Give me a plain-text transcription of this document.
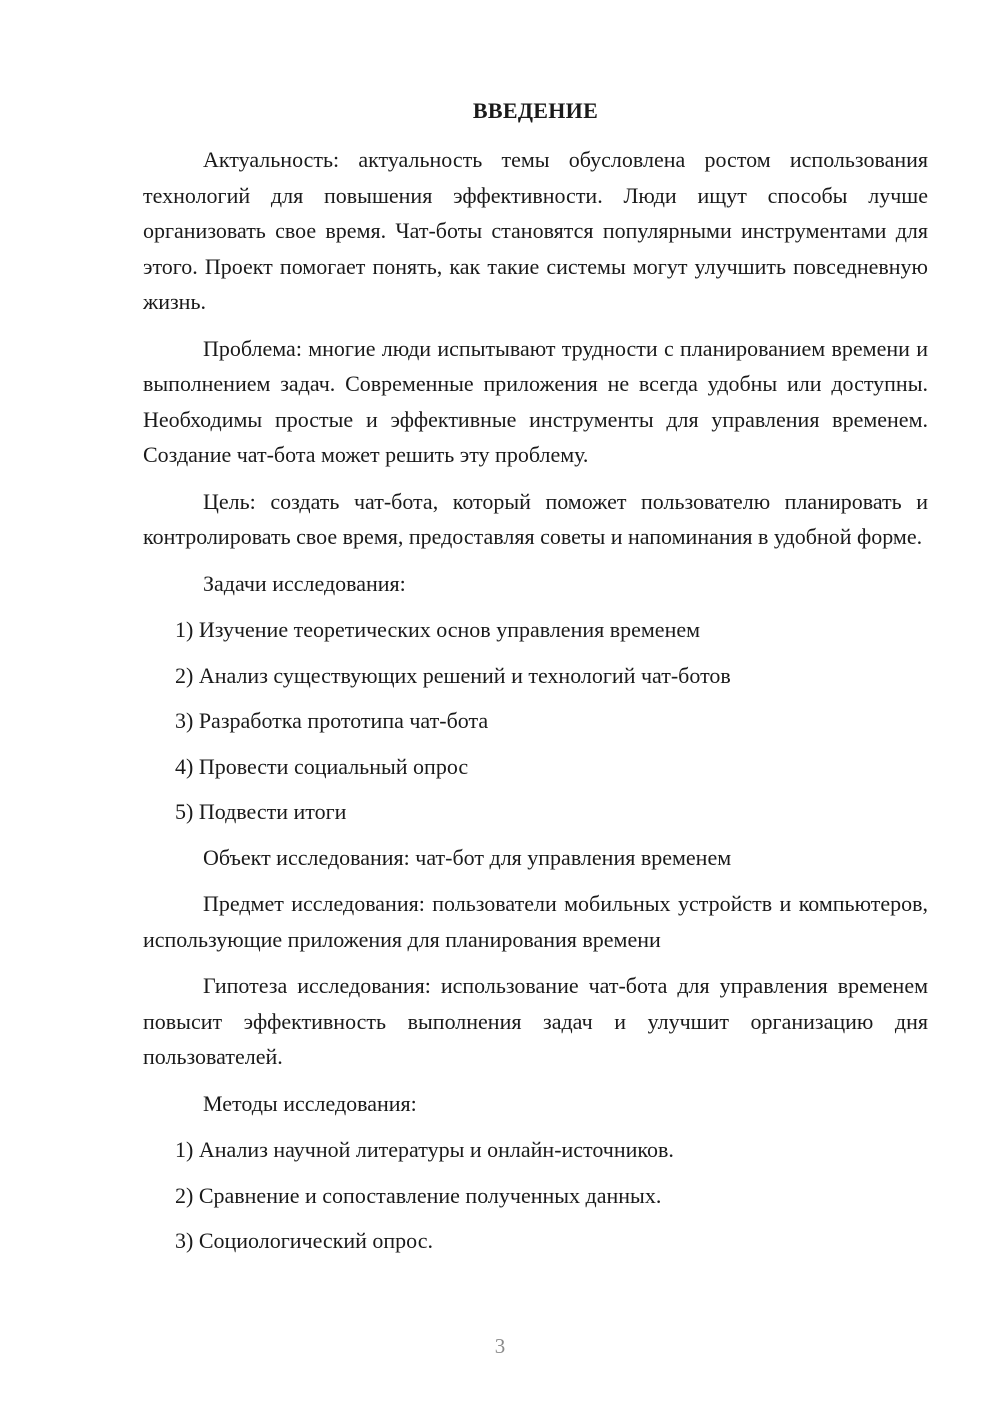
ВВЕДЕНИЕ

Актуальность: актуальность темы обусловлена ростом использования технологий для повышения эффективности. Люди ищут способы лучше организовать свое время. Чат-боты становятся популярными инструментами для этого. Проект помогает понять, как такие системы могут улучшить повседневную жизнь.

Проблема: многие люди испытывают трудности с планированием времени и выполнением задач. Современные приложения не всегда удобны или доступны. Необходимы простые и эффективные инструменты для управления временем. Создание чат-бота может решить эту проблему.

Цель: создать чат-бота, который поможет пользователю планировать и контролировать свое время, предоставляя советы и напоминания в удобной форме.

Задачи исследования:

1) Изучение теоретических основ управления временем
2) Анализ существующих решений и технологий чат-ботов
3) Разработка прототипа чат-бота
4) Провести социальный опрос
5) Подвести итоги

Объект исследования: чат-бот для управления временем

Предмет исследования: пользователи мобильных устройств и компьютеров, использующие приложения для планирования времени

Гипотеза исследования: использование чат-бота для управления временем повысит эффективность выполнения задач и улучшит организацию дня пользователей.

Методы исследования:

1) Анализ научной литературы и онлайн-источников.
2) Сравнение и сопоставление полученных данных.
3) Социологический опрос.
3
